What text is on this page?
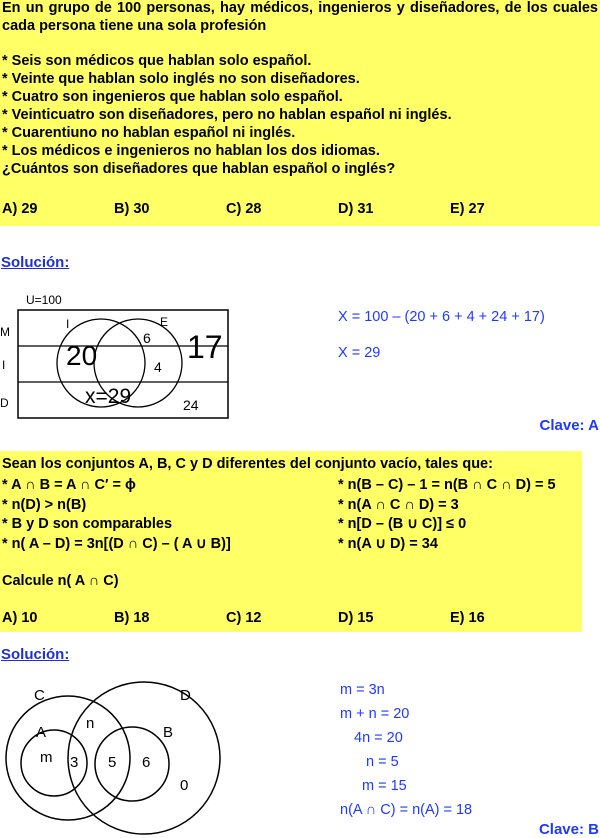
En un grupo de 100 personas, hay médicos, ingenieros y diseñadores, de los cuales cada persona tiene una sola profesión
* Seis son médicos que hablan solo español.
* Veinte que hablan solo inglés no son diseñadores.
* Cuatro son ingenieros que hablan solo español.
* Veinticuatro son diseñadores, pero no hablan español ni inglés.
* Cuarentiuno no hablan español ni inglés.
* Los médicos e ingenieros no hablan los dos idiomas.
¿Cuántos son diseñadores que hablan español o inglés?
A) 29	B) 30	C) 28	D) 31	E) 27
Solución:
U=100
M
I
D
I	E
20
6 17
4
x=29	24
X = 100 – (20 + 6 + 4 + 24 + 17)
X = 29
Clave: A
Sean los conjuntos A, B, C y D diferentes del conjunto vacío, tales que:
* A ∩ B = A ∩ C′ = ϕ
* n(D) > n(B)
* B y D son comparables
* n( A – D) = 3n[(D ∩ C) – ( A ∪ B)]
* n(B – C) – 1 = n(B ∩ C ∩ D) = 5
* n(A ∩ C ∩ D) = 3
* n[D – (B ∪ C)] ≤ 0
* n(A ∪ D) = 34
Calcule n( A ∩ C)
A) 10	B) 18	C) 12	D) 15	E) 16
Solución:
C	D
A	B
n
m 3 5 6
0
m = 3n
m + n = 20
4n = 20
n = 5
m = 15
n(A ∩ C) = n(A) = 18
Clave: B
